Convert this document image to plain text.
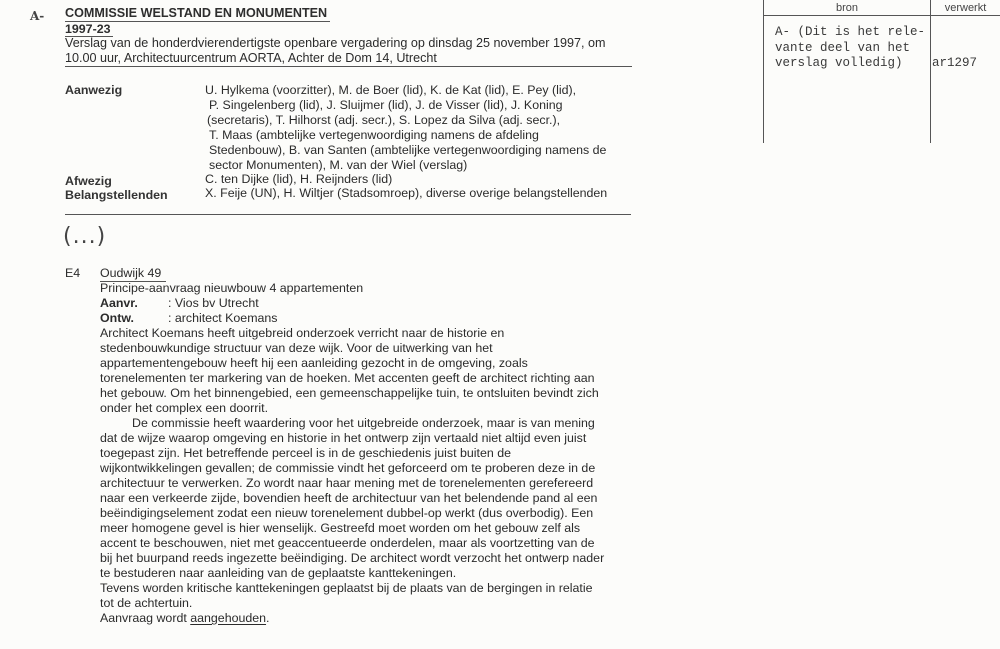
A- COMMISSIE WELSTAND EN MONUMENTEN
1997-23
Verslag van de honderdvierendertigste openbare vergadering op dinsdag 25 november 1997, om
10.00 uur, Architectuurcentrum AORTA, Achter de Dom 14, Utrecht
Aanwezig	U. Hylkema (voorzitter), M. de Boer (lid), K. de Kat (lid), E. Pey (lid),
P. Singelenberg (lid), J. Sluijmer (lid), J. de Visser (lid), J. Koning
(secretaris), T. Hilhorst (adj. secr.), S. Lopez da Silva (adj. secr.),
T. Maas (ambtelijke vertegenwoordiging namens de afdeling
Stedenbouw), B. van Santen (ambtelijke vertegenwoordiging namens de
sector Monumenten), M. van der Wiel (verslag)
Afwezig	C. ten Dijke (lid), H. Reijnders (lid)
Belangstellenden	X. Feije (UN), H. Wiltjer (Stadsomroep), diverse overige belangstellenden
(...)
E4 Oudwijk 49
Principe-aanvraag nieuwbouw 4 appartementen
Aanvr. : Vios bv Utrecht
Ontw.	: architect Koemans
Architect Koemans heeft uitgebreid onderzoek verricht naar de historie en
stedenbouwkundige structuur van deze wijk. Voor de uitwerking van het
appartementengebouw heeft hij een aanleiding gezocht in de omgeving, zoals
torenelementen ter markering van de hoeken. Met accenten geeft de architect richting aan
het gebouw. Om het binnengebied, een gemeenschappelijke tuin, te ontsluiten bevindt zich
onder het complex een doorrit.
De commissie heeft waardering voor het uitgebreide onderzoek, maar is van mening
dat de wijze waarop omgeving en historie in het ontwerp zijn vertaald niet altijd even juist
toegepast zijn. Het betreffende perceel is in de geschiedenis juist buiten de
wijkontwikkelingen gevallen; de commissie vindt het geforceerd om te proberen deze in de
architectuur te verwerken. Zo wordt naar haar mening met de torenelementen gerefereerd
naar een verkeerde zijde, bovendien heeft de architectuur van het belendende pand al een
beëindigingselement zodat een nieuw torenelement dubbel-op werkt (dus overbodig). Een
meer homogene gevel is hier wenselijk. Gestreefd moet worden om het gebouw zelf als
accent te beschouwen, niet met geaccentueerde onderdelen, maar als voortzetting van de
bij het buurpand reeds ingezette beëindiging. De architect wordt verzocht het ontwerp nader
te bestuderen naar aanleiding van de geplaatste kanttekeningen.
Tevens worden kritische kanttekeningen geplaatst bij de plaats van de bergingen in relatie
tot de achtertuin.
Aanvraag wordt aangehouden.
bron	verwerkt
A- (Dit is het rele-
vante deel van het
verslag volledig)	ar1297
